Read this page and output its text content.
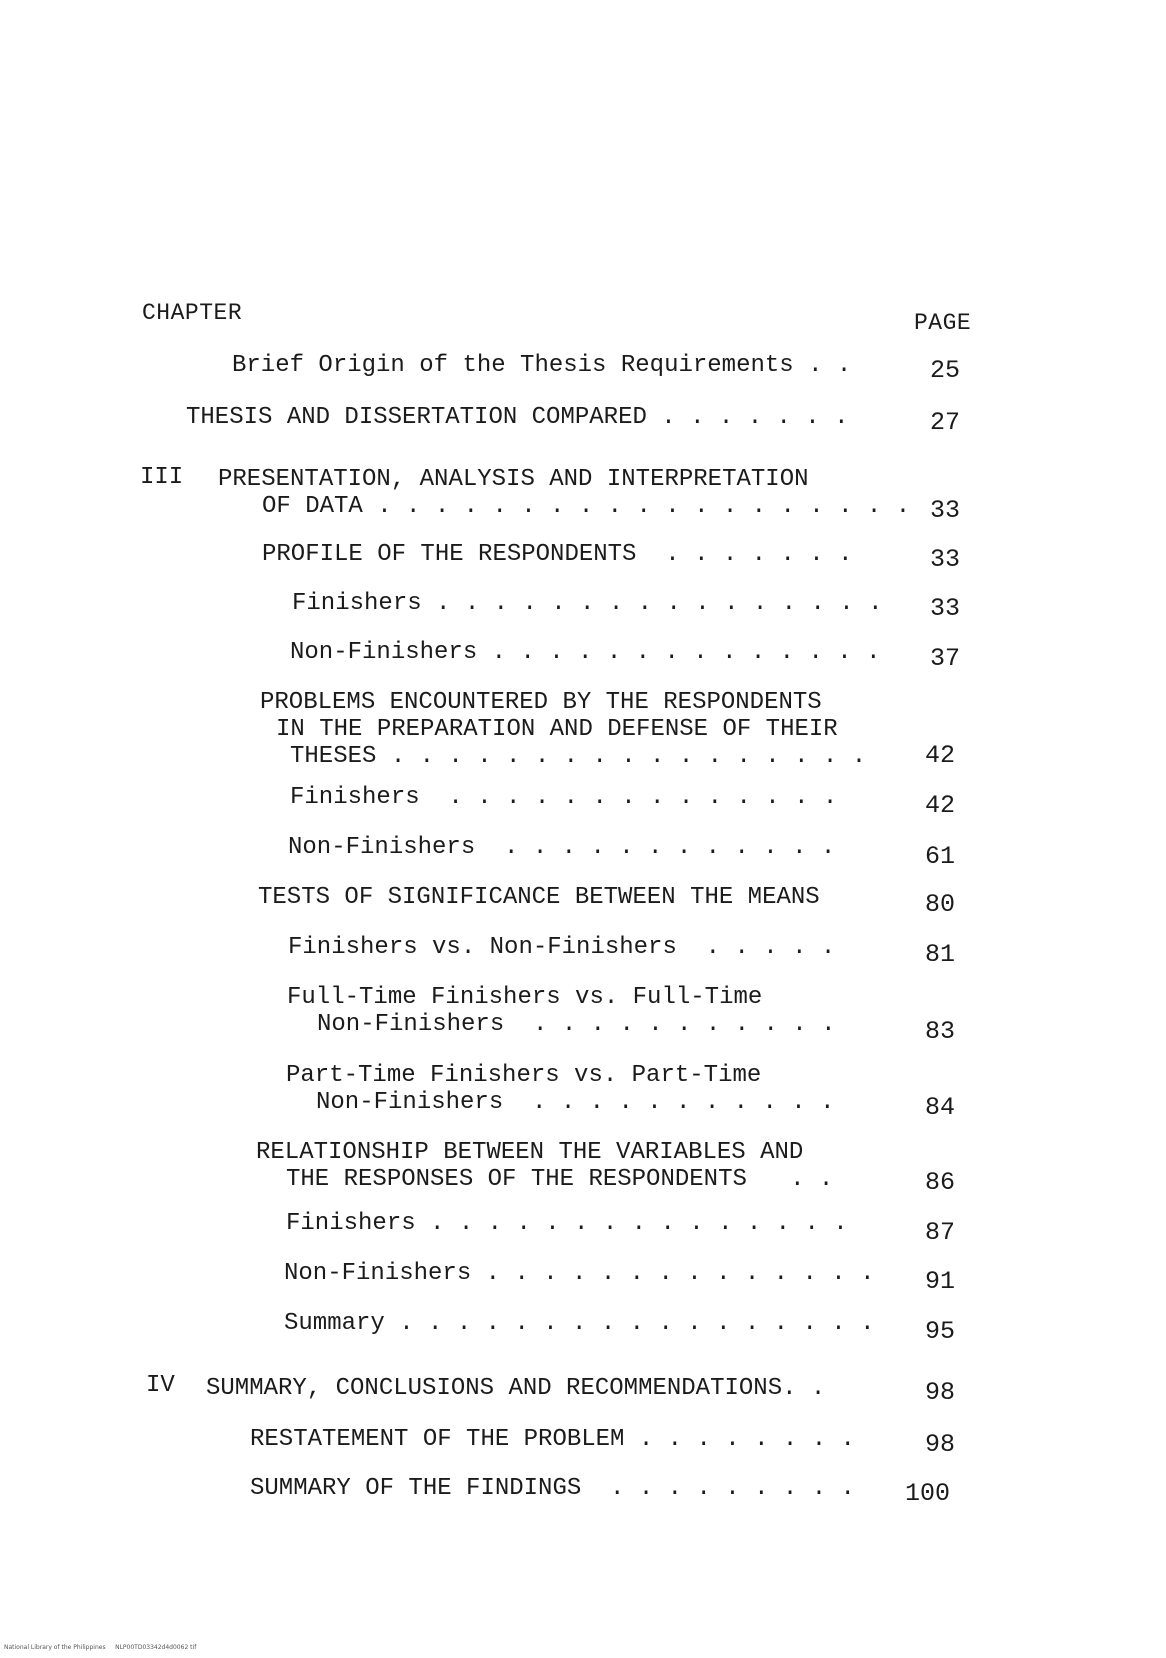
CHAPTER	PAGE
Brief Origin of the Thesis Requirements . .	25
THESIS AND DISSERTATION COMPARED . . . . . . .	27
III PRESENTATION, ANALYSIS AND INTERPRETATION
OF DATA . . . . . . . . . . . . . . . . . . . 33
PROFILE OF THE RESPONDENTS  . . . . . . .	33
Finishers . . . . . . . . . . . . . . . .	33
Non-Finishers . . . . . . . . . . . . . .	37
PROBLEMS ENCOUNTERED BY THE RESPONDENTS
IN THE PREPARATION AND DEFENSE OF THEIR
THESES . . . . . . . . . . . . . . . . .	42
Finishers  . . . . . . . . . . . . . .	42
Non-Finishers  . . . . . . . . . . . .	61
TESTS OF SIGNIFICANCE BETWEEN THE MEANS	80
Finishers vs. Non-Finishers  . . . . .	81
Full-Time Finishers vs. Full-Time
Non-Finishers  . . . . . . . . . . .	83
Part-Time Finishers vs. Part-Time
Non-Finishers  . . . . . . . . . . .	84
RELATIONSHIP BETWEEN THE VARIABLES AND
THE RESPONSES OF THE RESPONDENTS   . .	86
Finishers . . . . . . . . . . . . . . .	87
Non-Finishers . . . . . . . . . . . . . .	91
Summary . . . . . . . . . . . . . . . . .	95
IV SUMMARY, CONCLUSIONS AND RECOMMENDATIONS. .	98
RESTATEMENT OF THE PROBLEM . . . . . . . .	98
SUMMARY OF THE FINDINGS  . . . . . . . . .	100
National Library of the Philippines     NLP00TD03342d4d0062 tif
